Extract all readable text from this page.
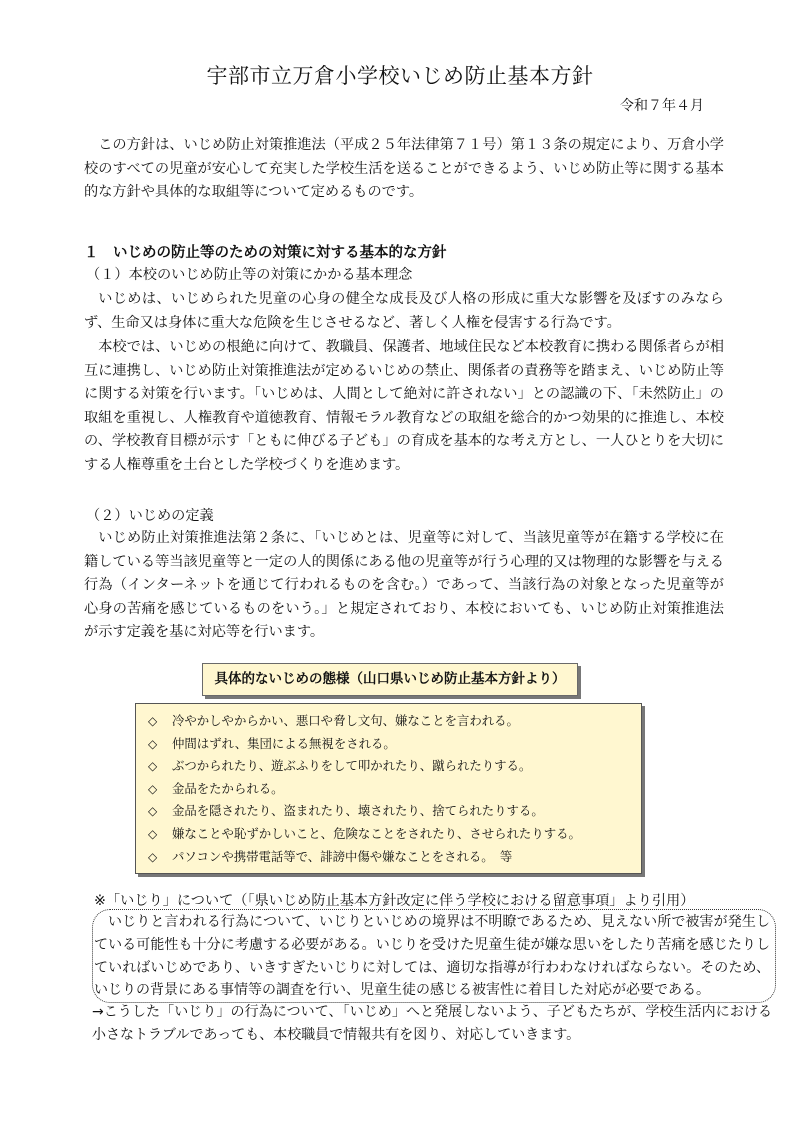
宇部市立万倉小学校いじめ防止基本方針
令和７年４月

この方針は、いじめ防止対策推進法（平成２５年法律第７１号）第１３条の規定により、万倉小学校のすべての児童が安心して充実した学校生活を送ることができるよう、いじめ防止等に関する基本的な方針や具体的な取組等について定めるものです。

１　いじめの防止等のための対策に対する基本的な方針
（１）本校のいじめ防止等の対策にかかる基本理念

いじめは、いじめられた児童の心身の健全な成長及び人格の形成に重大な影響を及ぼすのみならず、生命又は身体に重大な危険を生じさせるなど、著しく人権を侵害する行為です。

本校では、いじめの根絶に向けて、教職員、保護者、地域住民など本校教育に携わる関係者らが相互に連携し、いじめ防止対策推進法が定めるいじめの禁止、関係者の責務等を踏まえ、いじめ防止等に関する対策を行います。「いじめは、人間として絶対に許されない」との認識の下、「未然防止」の取組を重視し、人権教育や道徳教育、情報モラル教育などの取組を総合的かつ効果的に推進し、本校の、学校教育目標が示す「ともに伸びる子ども」の育成を基本的な考え方とし、一人ひとりを大切にする人権尊重を土台とした学校づくりを進めます。

（２）いじめの定義

いじめ防止対策推進法第２条に、「いじめとは、児童等に対して、当該児童等が在籍する学校に在籍している等当該児童等と一定の人的関係にある他の児童等が行う心理的又は物理的な影響を与える行為（インターネットを通じて行われるものを含む。）であって、当該行為の対象となった児童等が心身の苦痛を感じているものをいう。」と規定されており、本校においても、いじめ防止対策推進法が示す定義を基に対応等を行います。

具体的ないじめの態様（山口県いじめ防止基本方針より）
◇ 冷やかしやからかい、悪口や脅し文句、嫌なことを言われる。
◇ 仲間はずれ、集団による無視をされる。
◇ ぶつかられたり、遊ぶふりをして叩かれたり、蹴られたりする。
◇ 金品をたかられる。
◇ 金品を隠されたり、盗まれたり、壊されたり、捨てられたりする。
◇ 嫌なことや恥ずかしいこと、危険なことをされたり、させられたりする。
◇ パソコンや携帯電話等で、誹謗中傷や嫌なことをされる。　等
※「いじり」について（「県いじめ防止基本方針改定に伴う学校における留意事項」より引用）

いじりと言われる行為について、いじりといじめの境界は不明瞭であるため、見えない所で被害が発生している可能性も十分に考慮する必要がある。いじりを受けた児童生徒が嫌な思いをしたり苦痛を感じたりしていればいじめであり、いきすぎたいじりに対しては、適切な指導が行わわなければならない。そのため、いじりの背景にある事情等の調査を行い、児童生徒の感じる被害性に着目した対応が必要である。

→こうした「いじり」の行為について、「いじめ」へと発展しないよう、子どもたちが、学校生活内における小さなトラブルであっても、本校職員で情報共有を図り、対応していきます。
